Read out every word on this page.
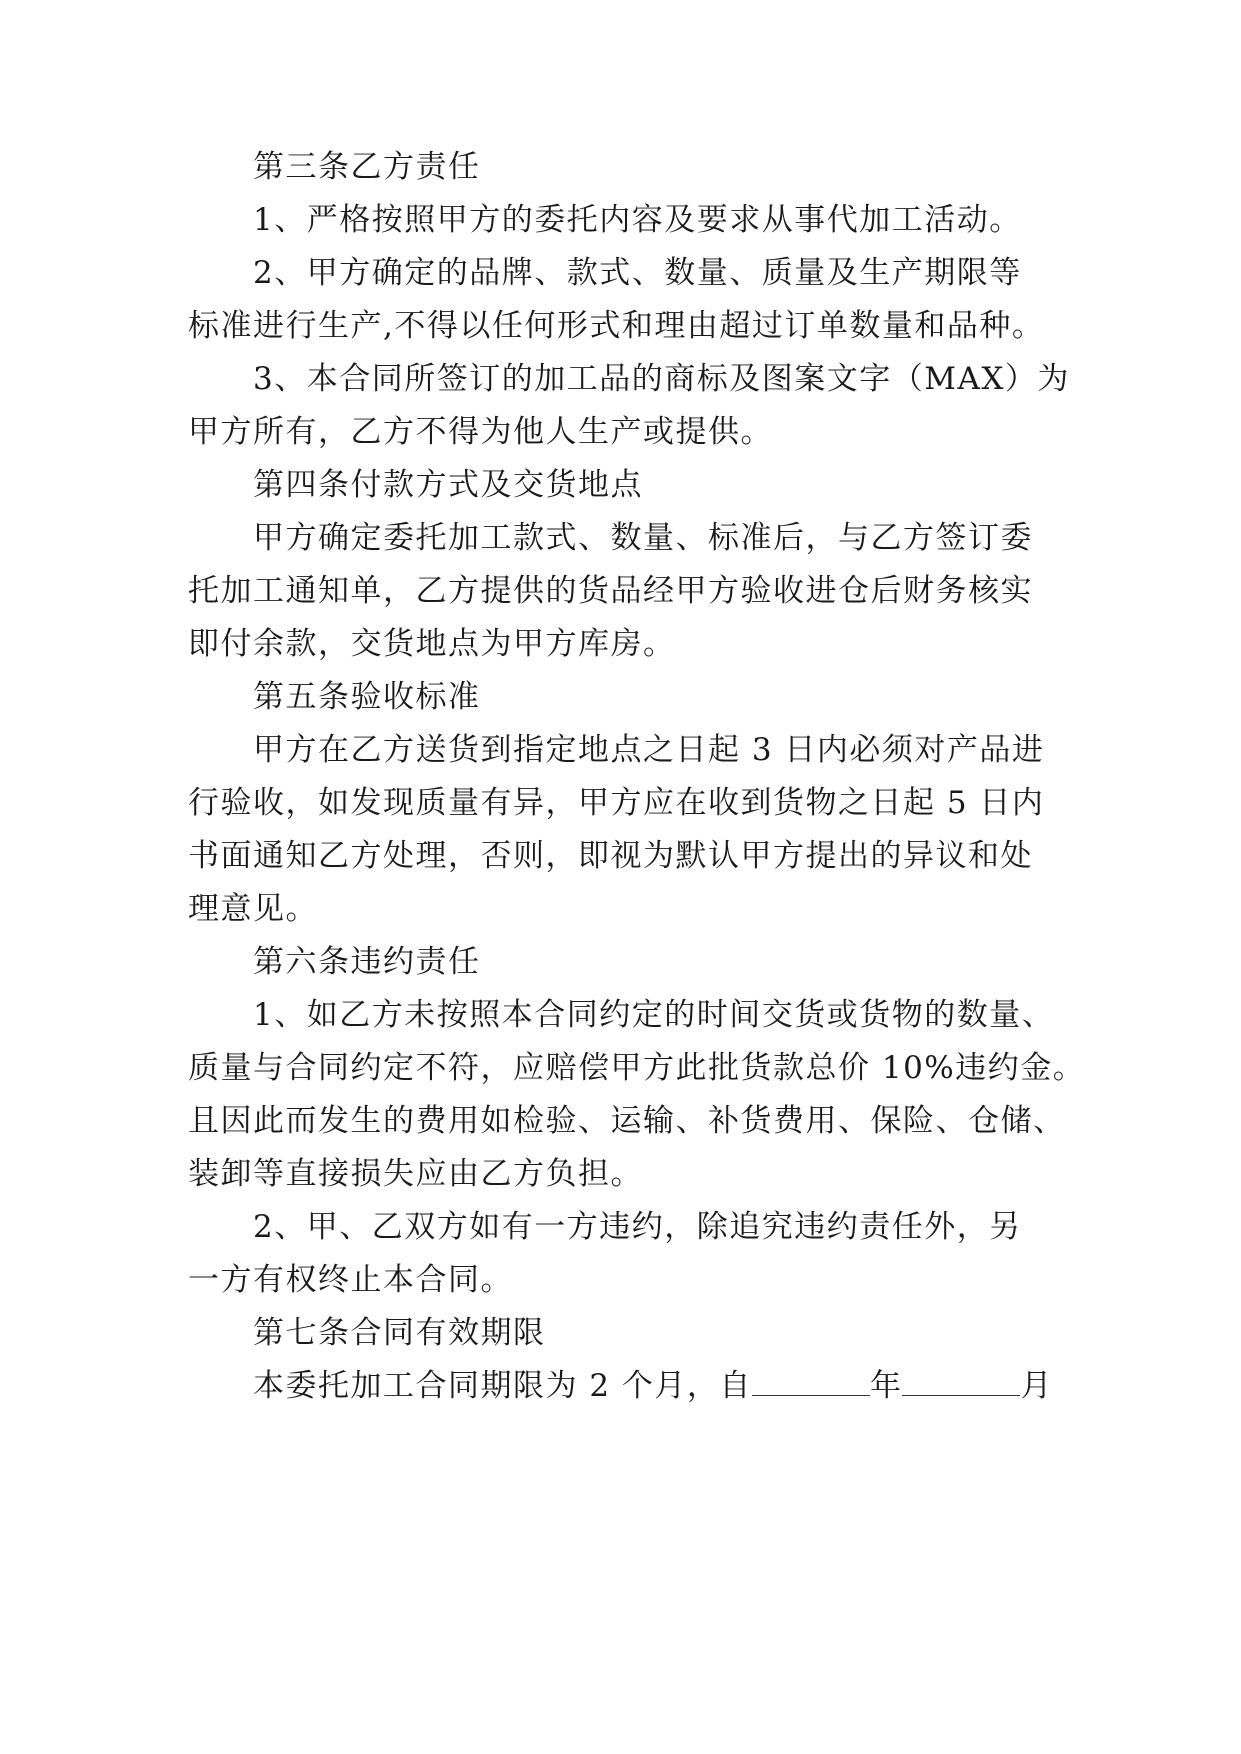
第三条乙方责任
1、严格按照甲方的委托内容及要求从事代加工活动。
2、甲方确定的品牌、款式、数量、质量及生产期限等
标准进行生产,不得以任何形式和理由超过订单数量和品种。
3、本合同所签订的加工品的商标及图案文字（MAX）为
甲方所有，乙方不得为他人生产或提供。
第四条付款方式及交货地点
甲方确定委托加工款式、数量、标准后，与乙方签订委
托加工通知单，乙方提供的货品经甲方验收进仓后财务核实
即付余款，交货地点为甲方库房。
第五条验收标准
甲方在乙方送货到指定地点之日起 3 日内必须对产品进
行验收，如发现质量有异，甲方应在收到货物之日起 5 日内
书面通知乙方处理，否则，即视为默认甲方提出的异议和处
理意见。
第六条违约责任
1、如乙方未按照本合同约定的时间交货或货物的数量、
质量与合同约定不符，应赔偿甲方此批货款总价 10%违约金。
且因此而发生的费用如检验、运输、补货费用、保险、仓储、
装卸等直接损失应由乙方负担。
2、甲、乙双方如有一方违约，除追究违约责任外，另
一方有权终止本合同。
第七条合同有效期限
本委托加工合同期限为 2 个月，自	年	月
